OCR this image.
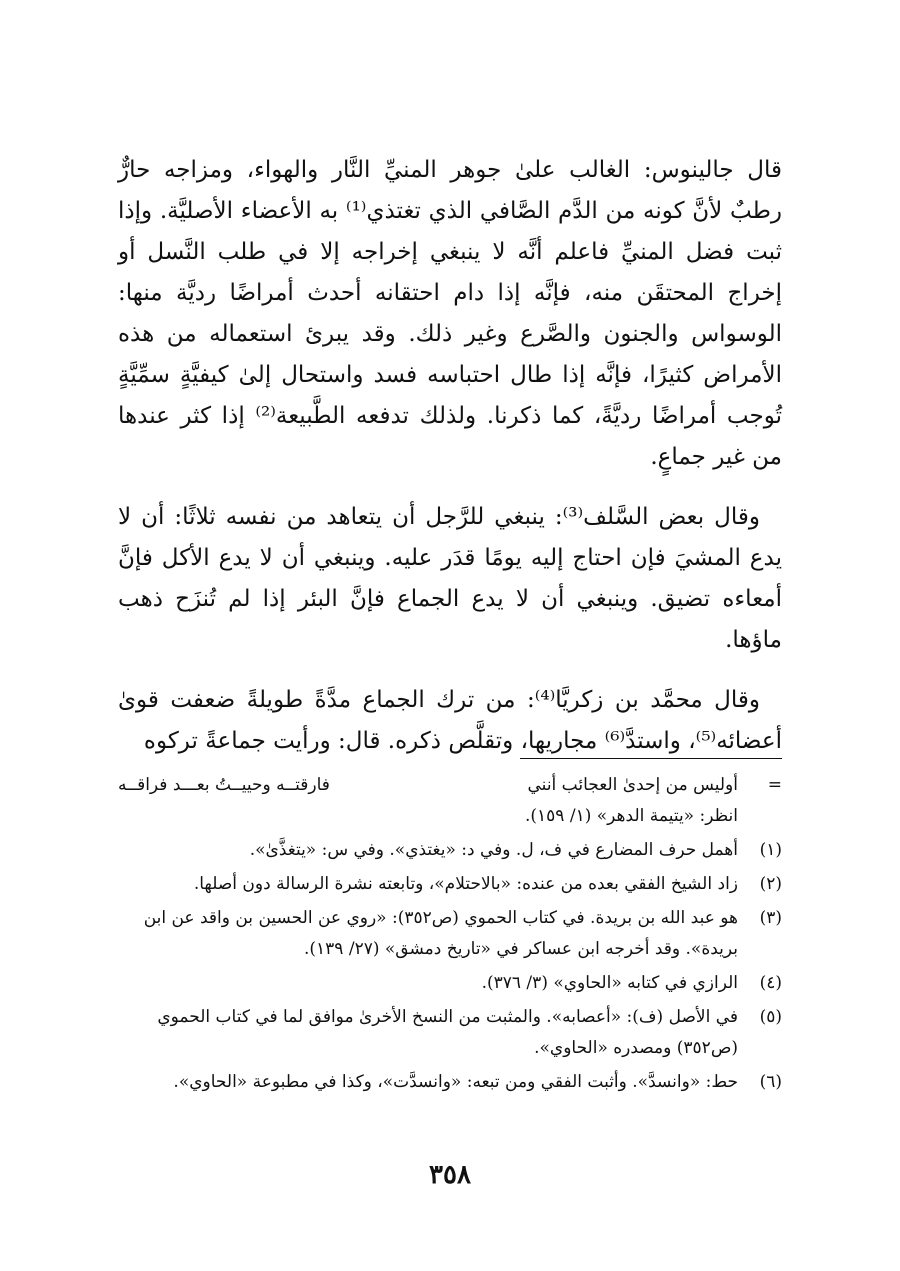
قال جالينوس: الغالب علىٰ جوهر المنيِّ النَّار والهواء، ومزاجه حارٌّ رطبٌ لأنَّ كونه من الدَّم الصَّافي الذي تغتذي⁽¹⁾ به الأعضاء الأصليَّة. وإذا ثبت فضل المنيِّ فاعلم أنَّه لا ينبغي إخراجه إلا في طلب النَّسل أو إخراج المحتقَن منه، فإنَّه إذا دام احتقانه أحدث أمراضًا رديَّة منها: الوسواس والجنون والصَّرع وغير ذلك. وقد يبرئ استعماله من هذه الأمراض كثيرًا، فإنَّه إذا طال احتباسه فسد واستحال إلىٰ كيفيَّةٍ سمِّيَّةٍ تُوجب أمراضًا رديَّةً، كما ذكرنا. ولذلك تدفعه الطَّبيعة⁽²⁾ إذا كثر عندها من غير جماعٍ.

وقال بعض السَّلف⁽³⁾: ينبغي للرَّجل أن يتعاهد من نفسه ثلاثًا: أن لا يدع المشيَ فإن احتاج إليه يومًا قدَر عليه. وينبغي أن لا يدع الأكل فإنَّ أمعاءه تضيق. وينبغي أن لا يدع الجماع فإنَّ البئر إذا لم تُنزَح ذهب ماؤها.

وقال محمَّد بن زكريَّا⁽⁴⁾: من ترك الجماع مدَّةً طويلةً ضعفت قوىٰ أعضائه⁽⁵⁾، واستدَّ⁽⁶⁾ مجاريها، وتقلَّص ذكره. قال: ورأيت جماعةً تركوه

=
أوليس من إحدىٰ العجائب أنني
فارقتــه وحييــتُ بعـــد فراقــه
انظر: «يتيمة الدهر» (١/ ١٥٩).
(١)
أهمل حرف المضارع في ف، ل. وفي د: «يغتذي». وفي س: «يتغذَّىٰ».
(٢)
زاد الشيخ الفقي بعده من عنده: «بالاحتلام»، وتابعته نشرة الرسالة دون أصلها.
(٣)
هو عبد الله بن بريدة. في كتاب الحموي (ص٣٥٢): «روي عن الحسين بن واقد عن ابن بريدة». وقد أخرجه ابن عساكر في «تاريخ دمشق» (٢٧/ ١٣٩).
(٤)
الرازي في كتابه «الحاوي» (٣/ ٣٧٦).
(٥)
في الأصل (ف): «أعصابه». والمثبت من النسخ الأخرىٰ موافق لما في كتاب الحموي (ص٣٥٢) ومصدره «الحاوي».
(٦)
حط: «وانسدَّ». وأثبت الفقي ومن تبعه: «وانسدَّت»، وكذا في مطبوعة «الحاوي».
٣٥٨
